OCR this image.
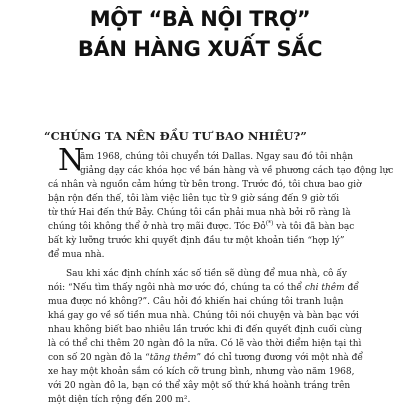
MỘT “BÀ NỘI TRỢ”
BÁN HÀNG XUẤT SẮC
“CHÚNG TA NÊN ĐẦU TƯ BAO NHIÊU?”
N
ăm 1968, chúng tôi chuyển tới Dallas. Ngay sau đó tôi nhận
giảng dạy các khóa học về bán hàng và về phương cách tạo động lực
cá nhân và nguồn cảm hứng từ bên trong. Trước đó, tôi chưa bao giờ
bận rộn đến thế, tôi làm việc liên tục từ 9 giờ sáng đến 9 giờ tối
từ thứ Hai đến thứ Bảy. Chúng tôi cần phải mua nhà bởi rõ ràng là
chúng tôi không thể ở nhà trọ mãi được. Tóc Đỏ(*) và tôi đã bàn bạc
bất kỳ lưỡng trước khi quyết định đầu tư một khoản tiền “hợp lý”
để mua nhà.
Sau khi xác định chính xác số tiền sẽ dùng để mua nhà, cô ấy
nói: “Nếu tìm thấy ngôi nhà mơ ước đó, chúng ta có thể chi thêm để
mua được nó không?”. Câu hỏi đó khiến hai chúng tôi tranh luận
khá gay go về số tiền mua nhà. Chúng tôi nói chuyện và bàn bạc với
nhau không biết bao nhiêu lần trước khi đi đến quyết định cuối cùng
là có thể chi thêm 20 ngàn đô la nữa. Có lẽ vào thời điểm hiện tại thì
con số 20 ngàn đô la “tăng thêm” đó chỉ tương đương với một nhà để
xe hay một khoản sắm có kích cỡ trung bình, nhưng vào năm 1968,
với 20 ngàn đô la, bạn có thể xây một số thứ khá hoành tráng trên
một diện tích rộng đến 200 m².
